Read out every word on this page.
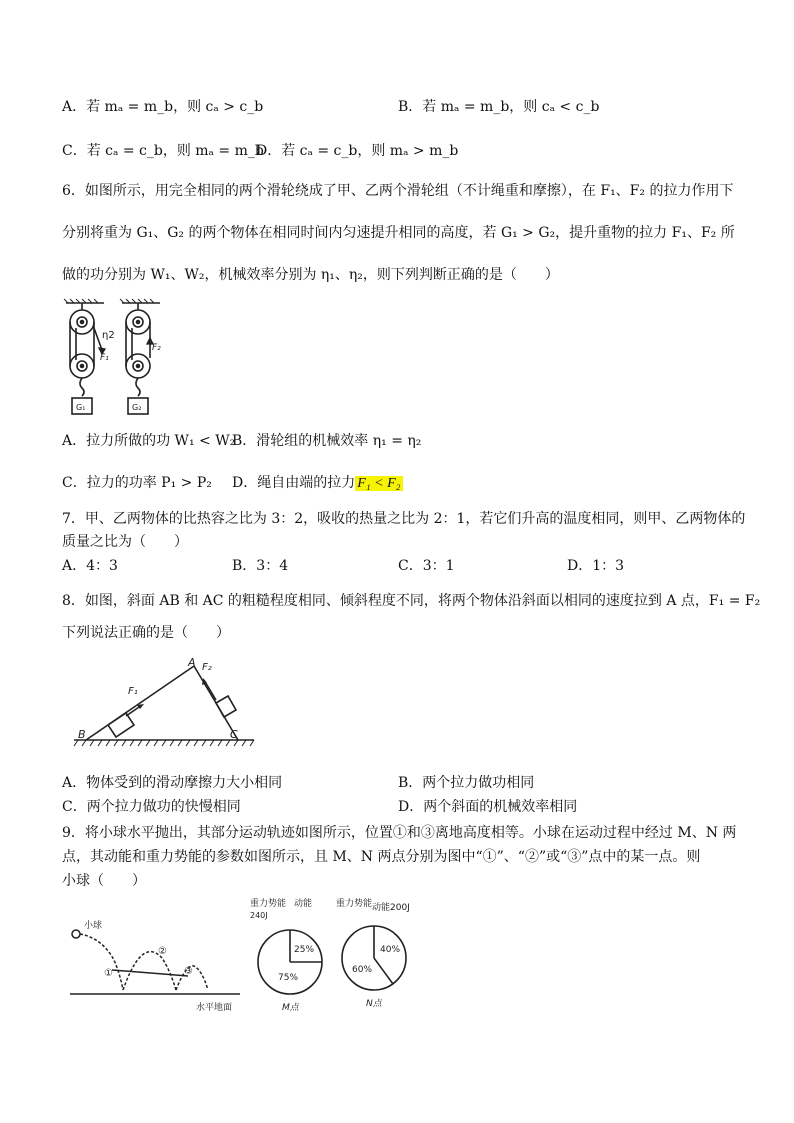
A．若 mₐ = m_b，则 cₐ > c_b	B．若 mₐ = m_b，则 cₐ < c_b
C．若 cₐ = c_b，则 mₐ = m_b
D．若 cₐ = c_b，则 mₐ > m_b
6．如图所示，用完全相同的两个滑轮绕成了甲、乙两个滑轮组（不计绳重和摩擦），在 F₁、F₂ 的拉力作用下
分别将重为 G₁、G₂ 的两个物体在相同时间内匀速提升相同的高度，若 G₁ > G₂，提升重物的拉力 F₁、F₂ 所
做的功分别为 W₁、W₂，机械效率分别为 η₁、η₂，则下列判断正确的是（　　）
F₁
F₂
η2
G₁	G₂
A．拉力所做的功 W₁ < W₂
B．滑轮组的机械效率 η₁ = η₂
C．拉力的功率 P₁ > P₂ D．绳自由端的拉力 F₁ < F₂
7．甲、乙两物体的比热容之比为 3：2，吸收的热量之比为 2：1，若它们升高的温度相同，则甲、乙两物体的
质量之比为（　　）
A．4：3	B．3：4	C．3：1	D．1：3
8．如图，斜面 AB 和 AC 的粗糙程度相同、倾斜程度不同，将两个物体沿斜面以相同的速度拉到 A 点，F₁ = F₂
下列说法正确的是（　　）
A
B	C
F₁
F₂
A．物体受到的滑动摩擦力大小相同	B．两个拉力做功相同
C．两个拉力做功的快慢相同	D．两个斜面的机械效率相同
9．将小球水平抛出，其部分运动轨迹如图所示，位置①和③离地高度相等。小球在运动过程中经过 M、N 两
点，其动能和重力势能的参数如图所示，且 M、N 两点分别为图中“①”、“②”或“③”点中的某一点。则
小球（　　）
小球
①
②
③
水平地面
重力势能
240J
动能
25%
75%
M点
重力势能 动能200J
40%
60%
N点
